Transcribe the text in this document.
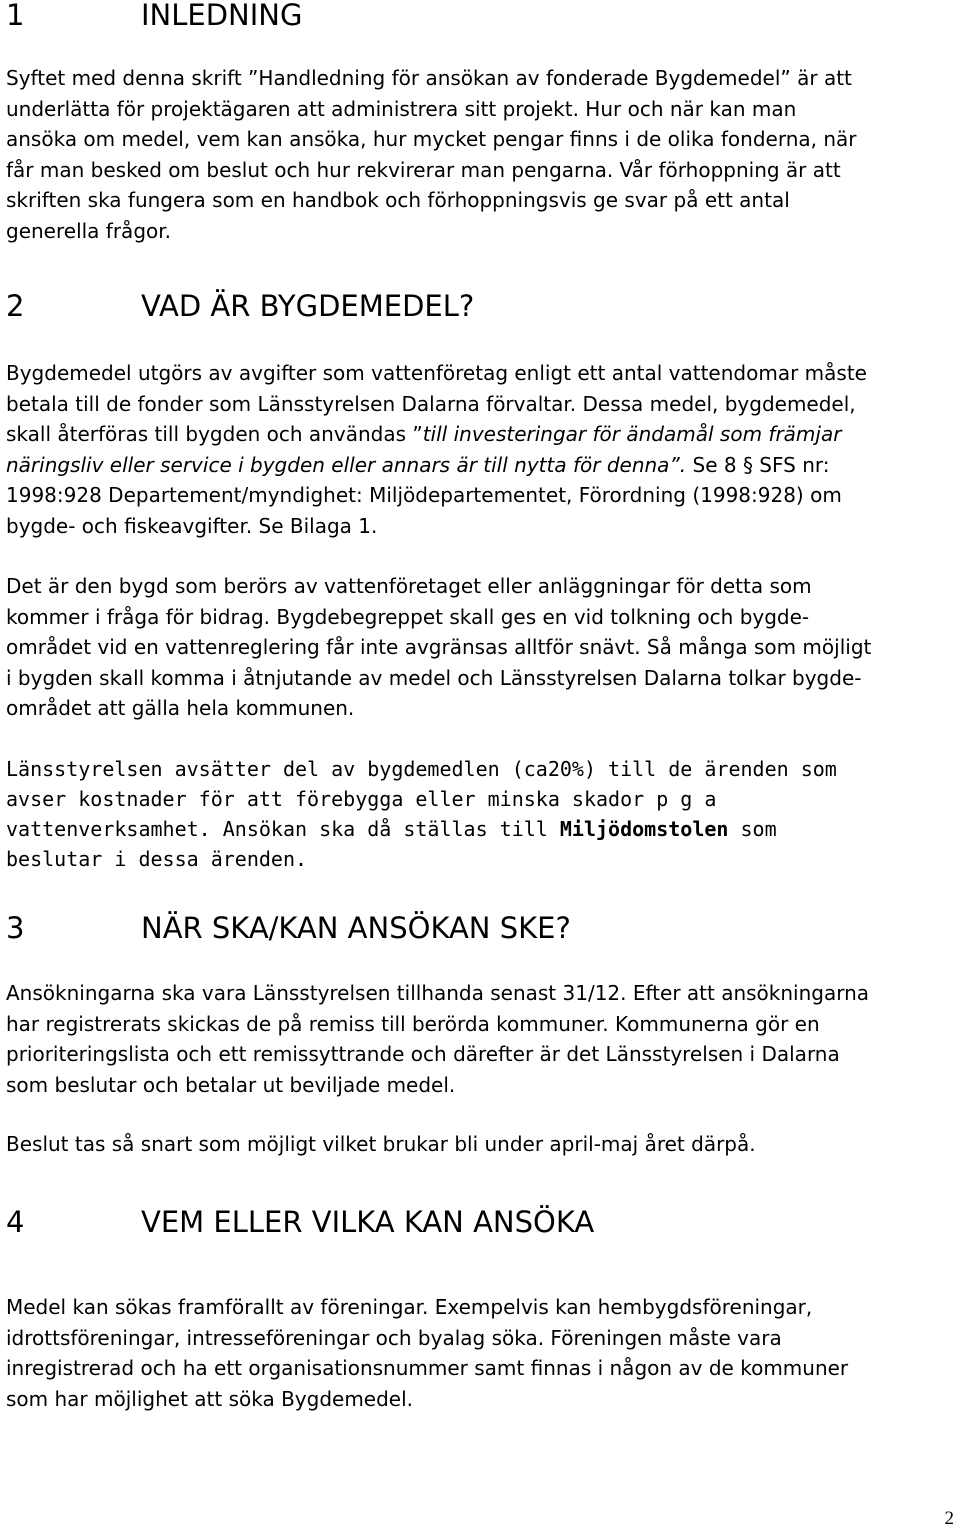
1	INLEDNING

Syftet med denna skrift ”Handledning för ansökan av fonderade Bygdemedel” är att
underlätta för projektägaren att administrera sitt projekt. Hur och när kan man
ansöka om medel, vem kan ansöka, hur mycket pengar finns i de olika fonderna, när
får man besked om beslut och hur rekvirerar man pengarna. Vår förhoppning är att
skriften ska fungera som en handbok och förhoppningsvis ge svar på ett antal
generella frågor.

2	VAD ÄR BYGDEMEDEL?

Bygdemedel utgörs av avgifter som vattenföretag enligt ett antal vattendomar måste
betala till de fonder som Länsstyrelsen Dalarna förvaltar. Dessa medel, bygdemedel,
skall återföras till bygden och användas ”till investeringar för ändamål som främjar
näringsliv eller service i bygden eller annars är till nytta för denna”. Se 8 § SFS nr:
1998:928 Departement/myndighet: Miljödepartementet, Förordning (1998:928) om
bygde- och fiskeavgifter. Se Bilaga 1.

Det är den bygd som berörs av vattenföretaget eller anläggningar för detta som
kommer i fråga för bidrag. Bygdebegreppet skall ges en vid tolkning och bygde-
området vid en vattenreglering får inte avgränsas alltför snävt. Så många som möjligt
i bygden skall komma i åtnjutande av medel och Länsstyrelsen Dalarna tolkar bygde-
området att gälla hela kommunen.

Länsstyrelsen avsätter del av bygdemedlen (ca20%) till de ärenden som
avser kostnader för att förebygga eller minska skador p g a
vattenverksamhet. Ansökan ska då ställas till Miljödomstolen som
beslutar i dessa ärenden.

3	NÄR SKA/KAN ANSÖKAN SKE?

Ansökningarna ska vara Länsstyrelsen tillhanda senast 31/12. Efter att ansökningarna
har registrerats skickas de på remiss till berörda kommuner. Kommunerna gör en
prioriteringslista och ett remissyttrande och därefter är det Länsstyrelsen i Dalarna
som beslutar och betalar ut beviljade medel.

Beslut tas så snart som möjligt vilket brukar bli under april-maj året därpå.

4	VEM ELLER VILKA KAN ANSÖKA

Medel kan sökas framförallt av föreningar. Exempelvis kan hembygdsföreningar,
idrottsföreningar, intresseföreningar och byalag söka. Föreningen måste vara
inregistrerad och ha ett organisationsnummer samt finnas i någon av de kommuner
som har möjlighet att söka Bygdemedel.

2
